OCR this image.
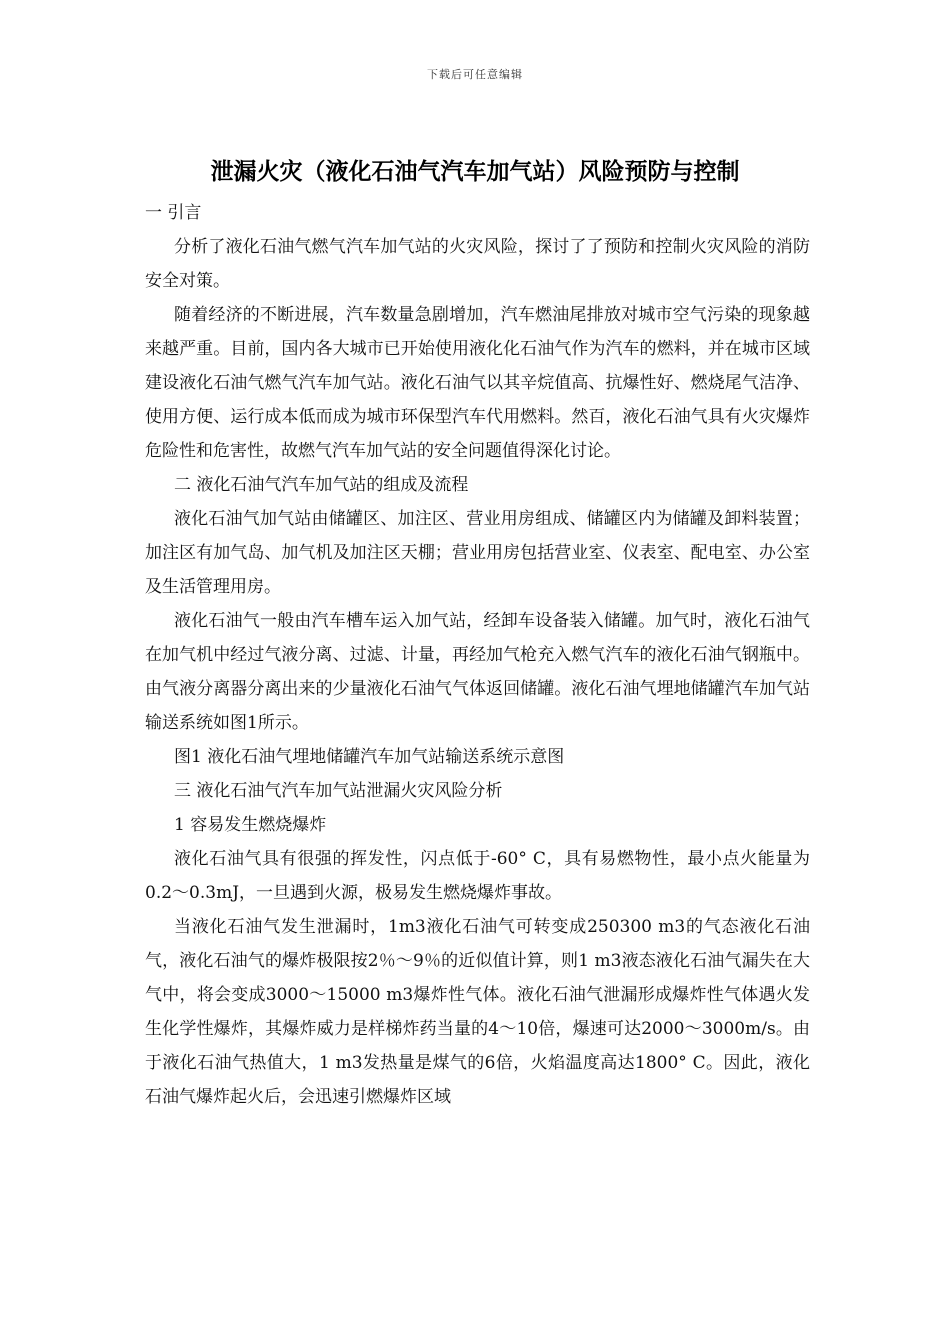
下载后可任意编辑
泄漏火灾（液化石油气汽车加气站）风险预防与控制

一 引言

分析了液化石油气燃气汽车加气站的火灾风险，探讨了了预防和控制火灾风险的消防安全对策。

随着经济的不断进展，汽车数量急剧增加，汽车燃油尾排放对城市空气污染的现象越来越严重。目前，国内各大城市已开始使用液化化石油气作为汽车的燃料，并在城市区域建设液化石油气燃气汽车加气站。液化石油气以其辛烷值高、抗爆性好、燃烧尾气洁净、使用方便、运行成本低而成为城市环保型汽车代用燃料。然百，液化石油气具有火灾爆炸危险性和危害性，故燃气汽车加气站的安全问题值得深化讨论。

二 液化石油气汽车加气站的组成及流程

液化石油气加气站由储罐区、加注区、营业用房组成、储罐区内为储罐及卸料装置；加注区有加气岛、加气机及加注区天棚；营业用房包括营业室、仪表室、配电室、办公室及生活管理用房。

液化石油气一般由汽车槽车运入加气站，经卸车设备装入储罐。加气时，液化石油气在加气机中经过气液分离、过滤、计量，再经加气枪充入燃气汽车的液化石油气钢瓶中。由气液分离器分离出来的少量液化石油气气体返回储罐。液化石油气埋地储罐汽车加气站输送系统如图1所示。

图1 液化石油气埋地储罐汽车加气站输送系统示意图

三 液化石油气汽车加气站泄漏火灾风险分析

1 容易发生燃烧爆炸

液化石油气具有很强的挥发性，闪点低于-60° C，具有易燃物性，最小点火能量为0.2～0.3mJ，一旦遇到火源，极易发生燃烧爆炸事故。

当液化石油气发生泄漏时，1m3液化石油气可转变成250300 m3的气态液化石油气，液化石油气的爆炸极限按2％～9％的近似值计算，则1 m3液态液化石油气漏失在大气中，将会变成3000～15000 m3爆炸性气体。液化石油气泄漏形成爆炸性气体遇火发生化学性爆炸，其爆炸威力是样梯炸药当量的4～10倍，爆速可达2000～3000m/s。由于液化石油气热值大，1 m3发热量是煤气的6倍，火焰温度高达1800° C。因此，液化石油气爆炸起火后，会迅速引燃爆炸区域
